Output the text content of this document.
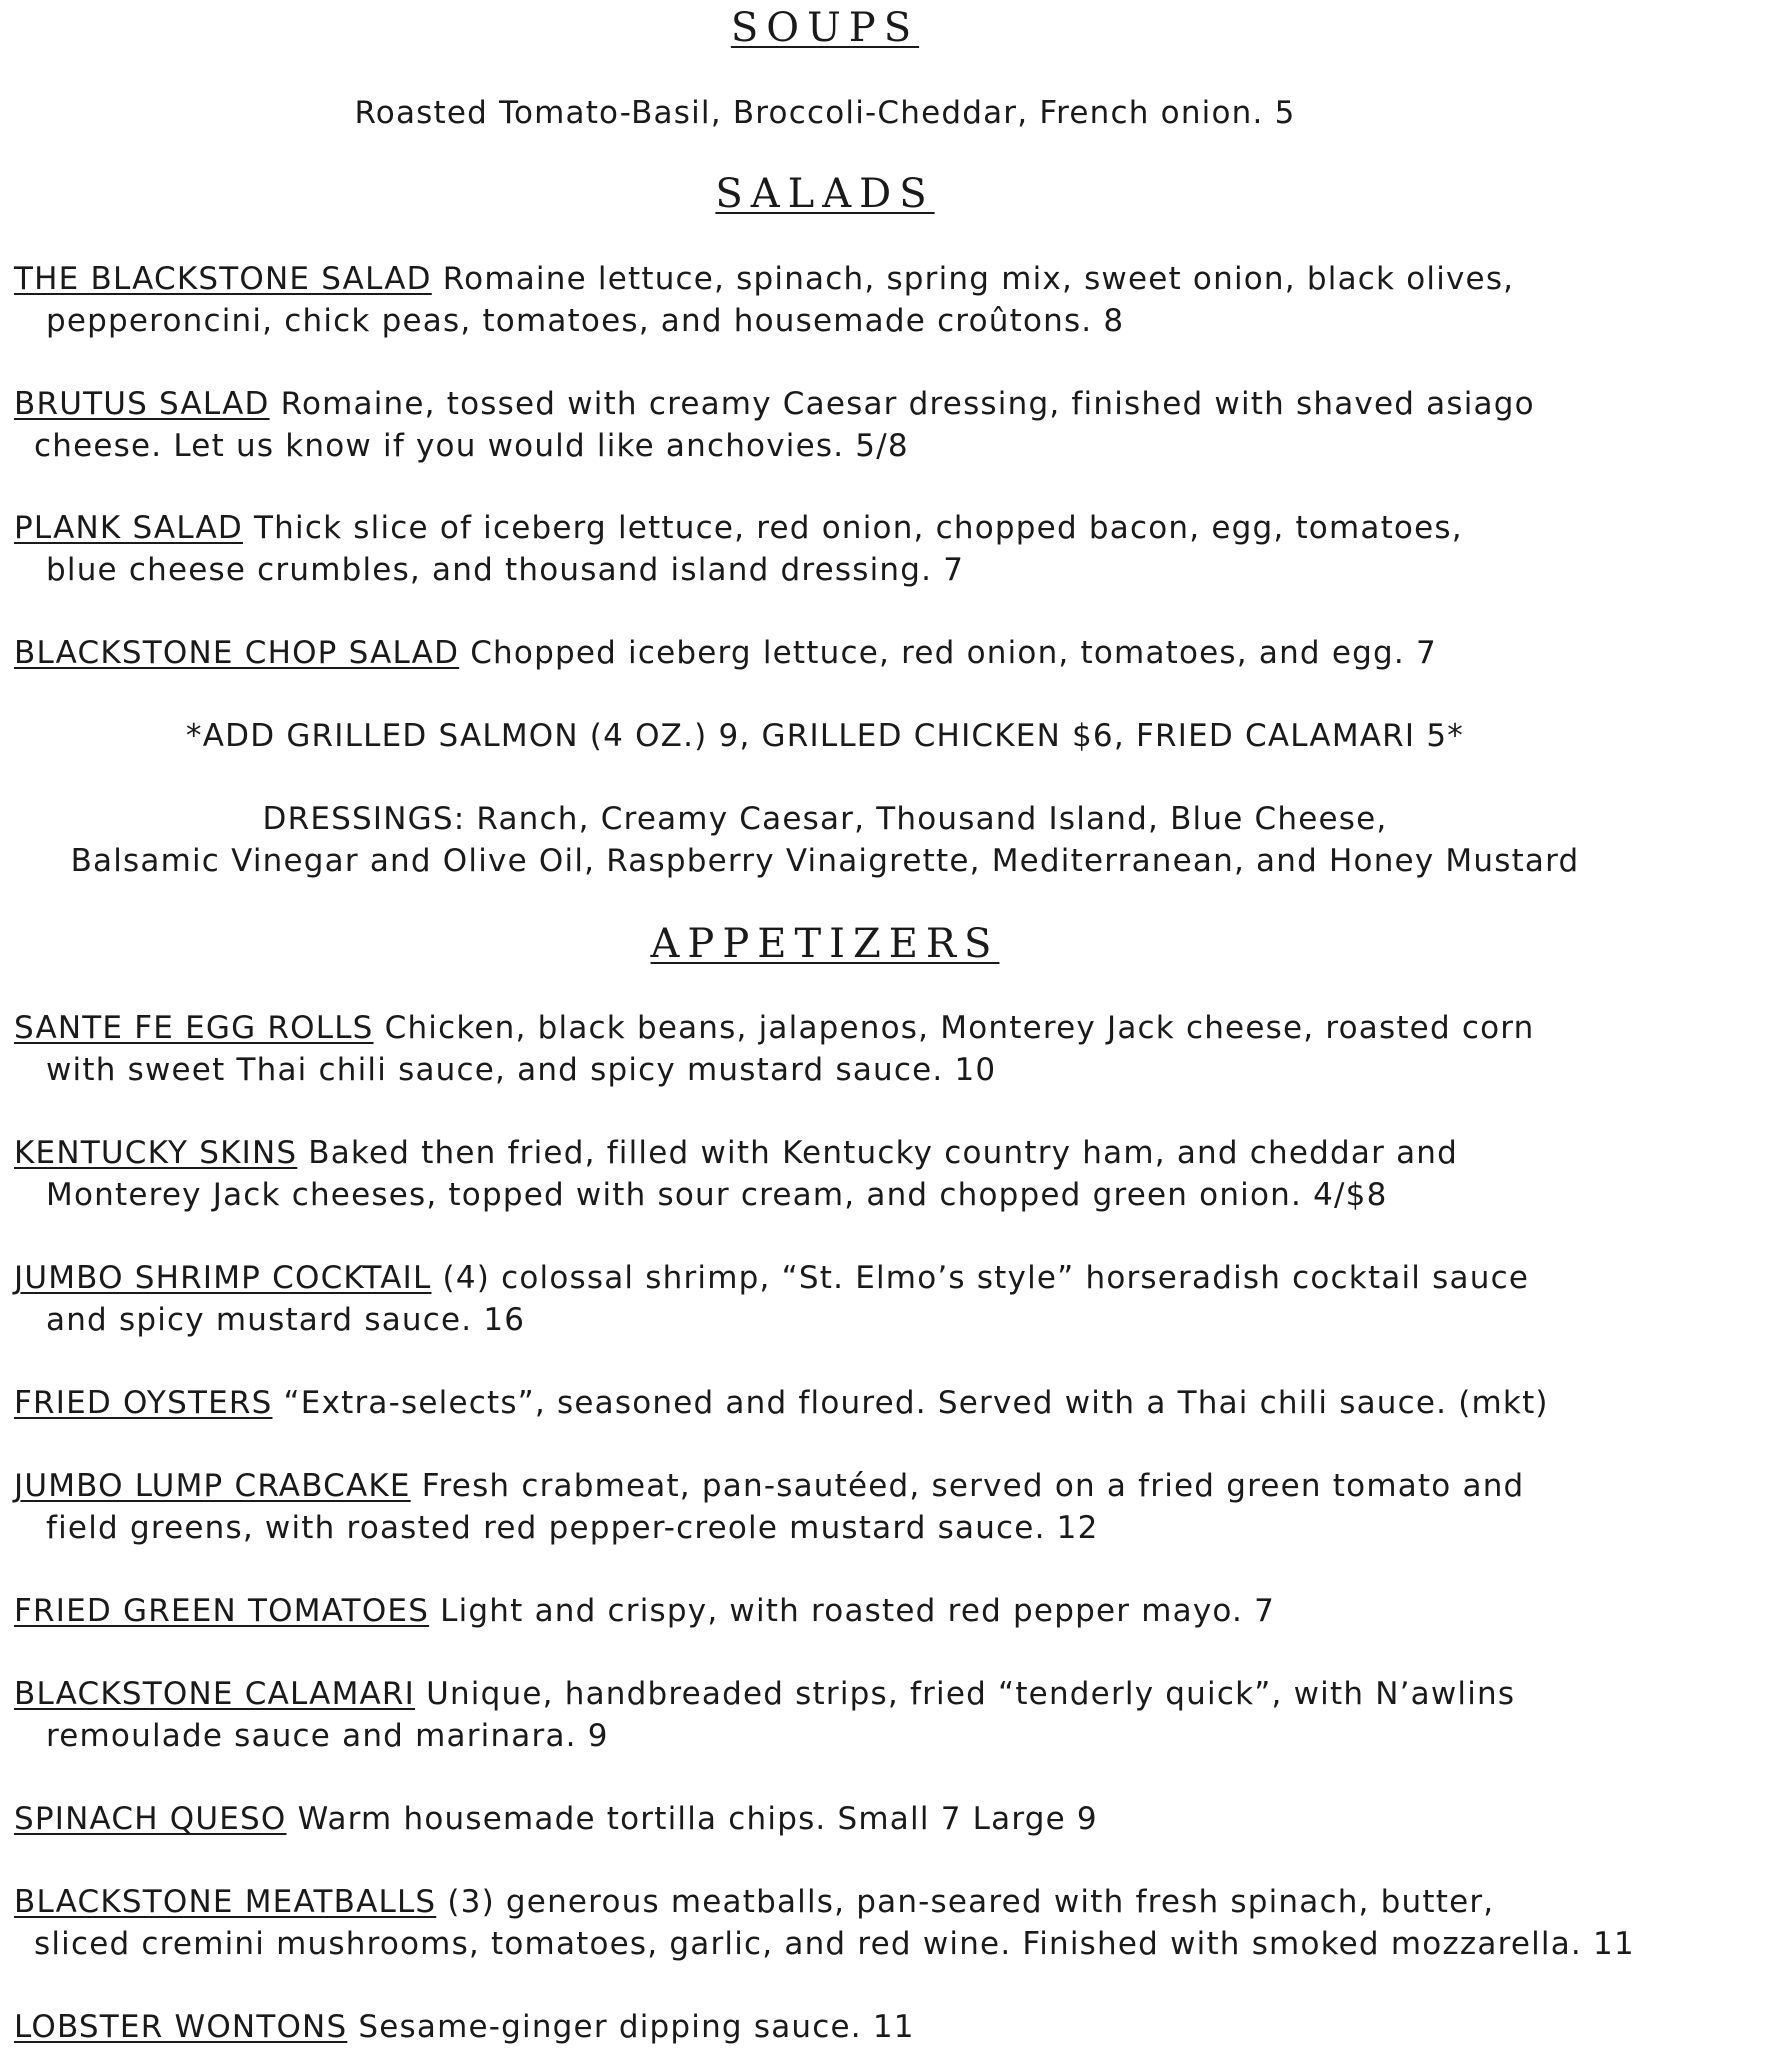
SOUPS
Roasted Tomato-Basil, Broccoli-Cheddar, French onion. 5
SALADS
THE BLACKSTONE SALAD Romaine lettuce, spinach, spring mix, sweet onion, black olives,
pepperoncini, chick peas, tomatoes, and housemade croûtons. 8
BRUTUS SALAD Romaine, tossed with creamy Caesar dressing, finished with shaved asiago
cheese. Let us know if you would like anchovies. 5/8
PLANK SALAD Thick slice of iceberg lettuce, red onion, chopped bacon, egg, tomatoes,
blue cheese crumbles, and thousand island dressing. 7
BLACKSTONE CHOP SALAD Chopped iceberg lettuce, red onion, tomatoes, and egg. 7
*ADD GRILLED SALMON (4 OZ.) 9, GRILLED CHICKEN $6, FRIED CALAMARI 5*
DRESSINGS: Ranch, Creamy Caesar, Thousand Island, Blue Cheese,
Balsamic Vinegar and Olive Oil, Raspberry Vinaigrette, Mediterranean, and Honey Mustard
APPETIZERS
SANTE FE EGG ROLLS Chicken, black beans, jalapenos, Monterey Jack cheese, roasted corn
with sweet Thai chili sauce, and spicy mustard sauce. 10
KENTUCKY SKINS Baked then fried, filled with Kentucky country ham, and cheddar and
Monterey Jack cheeses, topped with sour cream, and chopped green onion. 4/$8
JUMBO SHRIMP COCKTAIL (4) colossal shrimp, “St. Elmo’s style” horseradish cocktail sauce
and spicy mustard sauce. 16
FRIED OYSTERS “Extra-selects”, seasoned and floured. Served with a Thai chili sauce. (mkt)
JUMBO LUMP CRABCAKE Fresh crabmeat, pan-sautéed, served on a fried green tomato and
field greens, with roasted red pepper-creole mustard sauce. 12
FRIED GREEN TOMATOES Light and crispy, with roasted red pepper mayo. 7
BLACKSTONE CALAMARI Unique, handbreaded strips, fried “tenderly quick”, with N’awlins
remoulade sauce and marinara. 9
SPINACH QUESO Warm housemade tortilla chips. Small 7 Large 9
BLACKSTONE MEATBALLS (3) generous meatballs, pan-seared with fresh spinach, butter,
sliced cremini mushrooms, tomatoes, garlic, and red wine. Finished with smoked mozzarella. 11
LOBSTER WONTONS Sesame-ginger dipping sauce. 11
